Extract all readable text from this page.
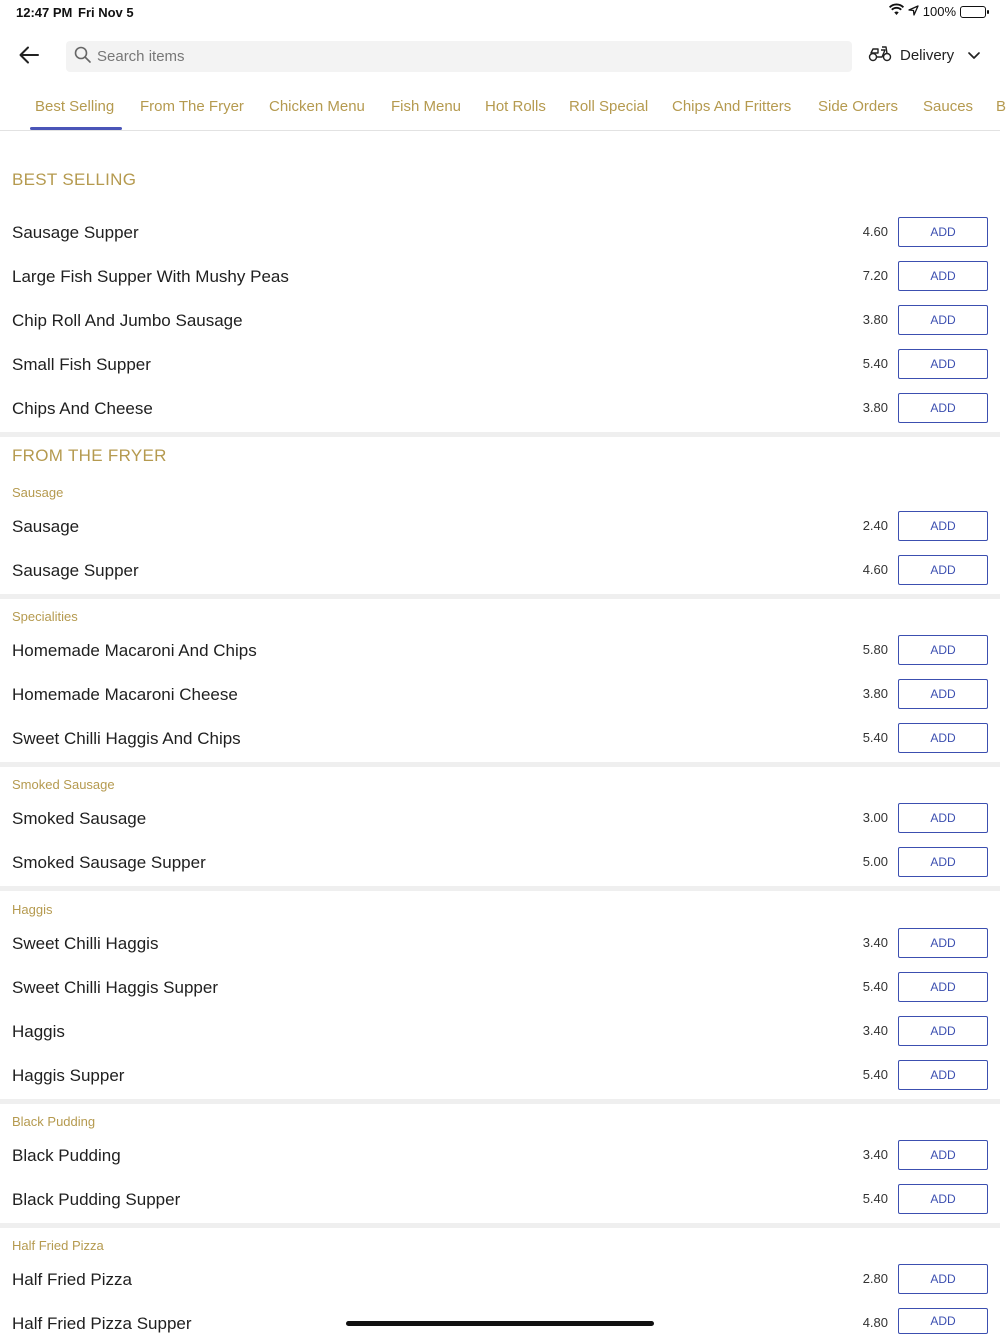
12:47 PM Fri Nov 5	100%
Search items
Delivery
Best Selling From The Fryer Chicken Menu Fish Menu Hot Rolls Roll Special Chips And Fritters Side Orders Sauces B
BEST SELLING
Sausage Supper	4.60	ADD
Large Fish Supper With Mushy Peas	7.20	ADD
Chip Roll And Jumbo Sausage	3.80	ADD
Small Fish Supper	5.40	ADD
Chips And Cheese	3.80	ADD
FROM THE FRYER
Sausage
Sausage	2.40	ADD
Sausage Supper	4.60	ADD
Specialities
Homemade Macaroni And Chips	5.80	ADD
Homemade Macaroni Cheese	3.80	ADD
Sweet Chilli Haggis And Chips	5.40	ADD
Smoked Sausage
Smoked Sausage	3.00	ADD
Smoked Sausage Supper	5.00	ADD
Haggis
Sweet Chilli Haggis	3.40	ADD
Sweet Chilli Haggis Supper	5.40	ADD
Haggis	3.40	ADD
Haggis Supper	5.40	ADD
Black Pudding
Black Pudding	3.40	ADD
Black Pudding Supper	5.40	ADD
Half Fried Pizza
Half Fried Pizza	2.80	ADD
Half Fried Pizza Supper	4.80	ADD
